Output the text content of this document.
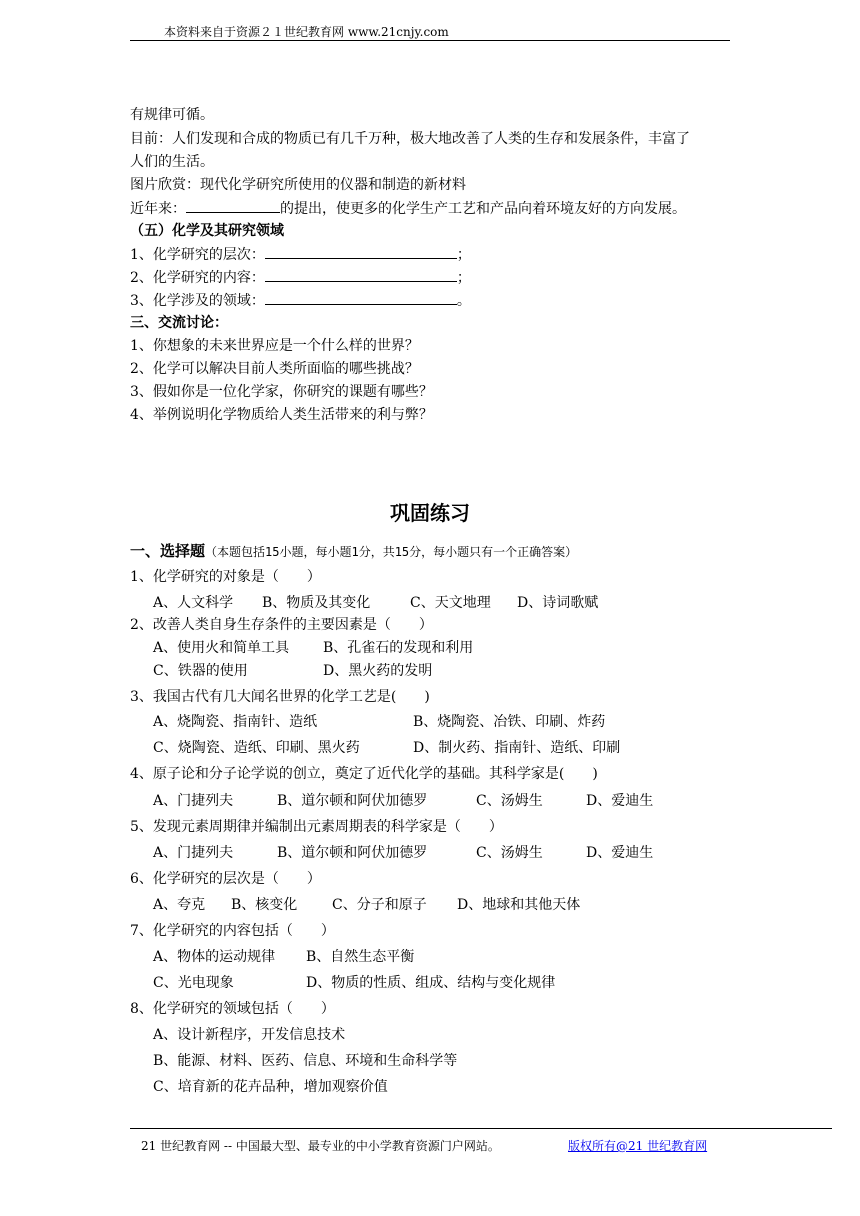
本资料来自于资源２１世纪教育网 www.21cnjy.com
有规律可循。
目前：人们发现和合成的物质已有几千万种，极大地改善了人类的生存和发展条件，丰富了
人们的生活。
图片欣赏：现代化学研究所使用的仪器和制造的新材料
近年来：	的提出，使更多的化学生产工艺和产品向着环境友好的方向发展。
（五）化学及其研究领域
1、化学研究的层次：	；
2、化学研究的内容：	；
3、化学涉及的领域：	。
三、交流讨论：
1、你想象的未来世界应是一个什么样的世界？
2、化学可以解决目前人类所面临的哪些挑战？
3、假如你是一位化学家，你研究的课题有哪些？
4、举例说明化学物质给人类生活带来的利与弊？
巩固练习
一、选择题（本题包括15小题，每小题1分，共15分，每小题只有一个正确答案）
1、化学研究的对象是（　　）
A、人文科学 B、物质及其变化	C、天文地理 D、诗词歌赋
2、改善人类自身生存条件的主要因素是（　　）
A、使用火和简单工具 B、孔雀石的发现和利用
C、铁器的使用	D、黑火药的发明
3、我国古代有几大闻名世界的化学工艺是(　　)
A、烧陶瓷、指南针、造纸	B、烧陶瓷、冶铁、印刷、炸药
C、烧陶瓷、造纸、印刷、黑火药	D、制火药、指南针、造纸、印刷
4、原子论和分子论学说的创立，奠定了近代化学的基础。其科学家是(　　)
A、门捷列夫	B、道尔顿和阿伏加德罗	C、汤姆生	D、爱迪生
5、发现元素周期律并编制出元素周期表的科学家是（　　）
A、门捷列夫	B、道尔顿和阿伏加德罗	C、汤姆生	D、爱迪生
6、化学研究的层次是（　　）
A、夸克 B、核变化 C、分子和原子 D、地球和其他天体
7、化学研究的内容包括（　　）
A、物体的运动规律 B、自然生态平衡
C、光电现象	D、物质的性质、组成、结构与变化规律
8、化学研究的领域包括（　　）
A、设计新程序，开发信息技术
B、能源、材料、医药、信息、环境和生命科学等
C、培育新的花卉品种，增加观察价值
21 世纪教育网 -- 中国最大型、最专业的中小学教育资源门户网站。	版权所有@21 世纪教育网
